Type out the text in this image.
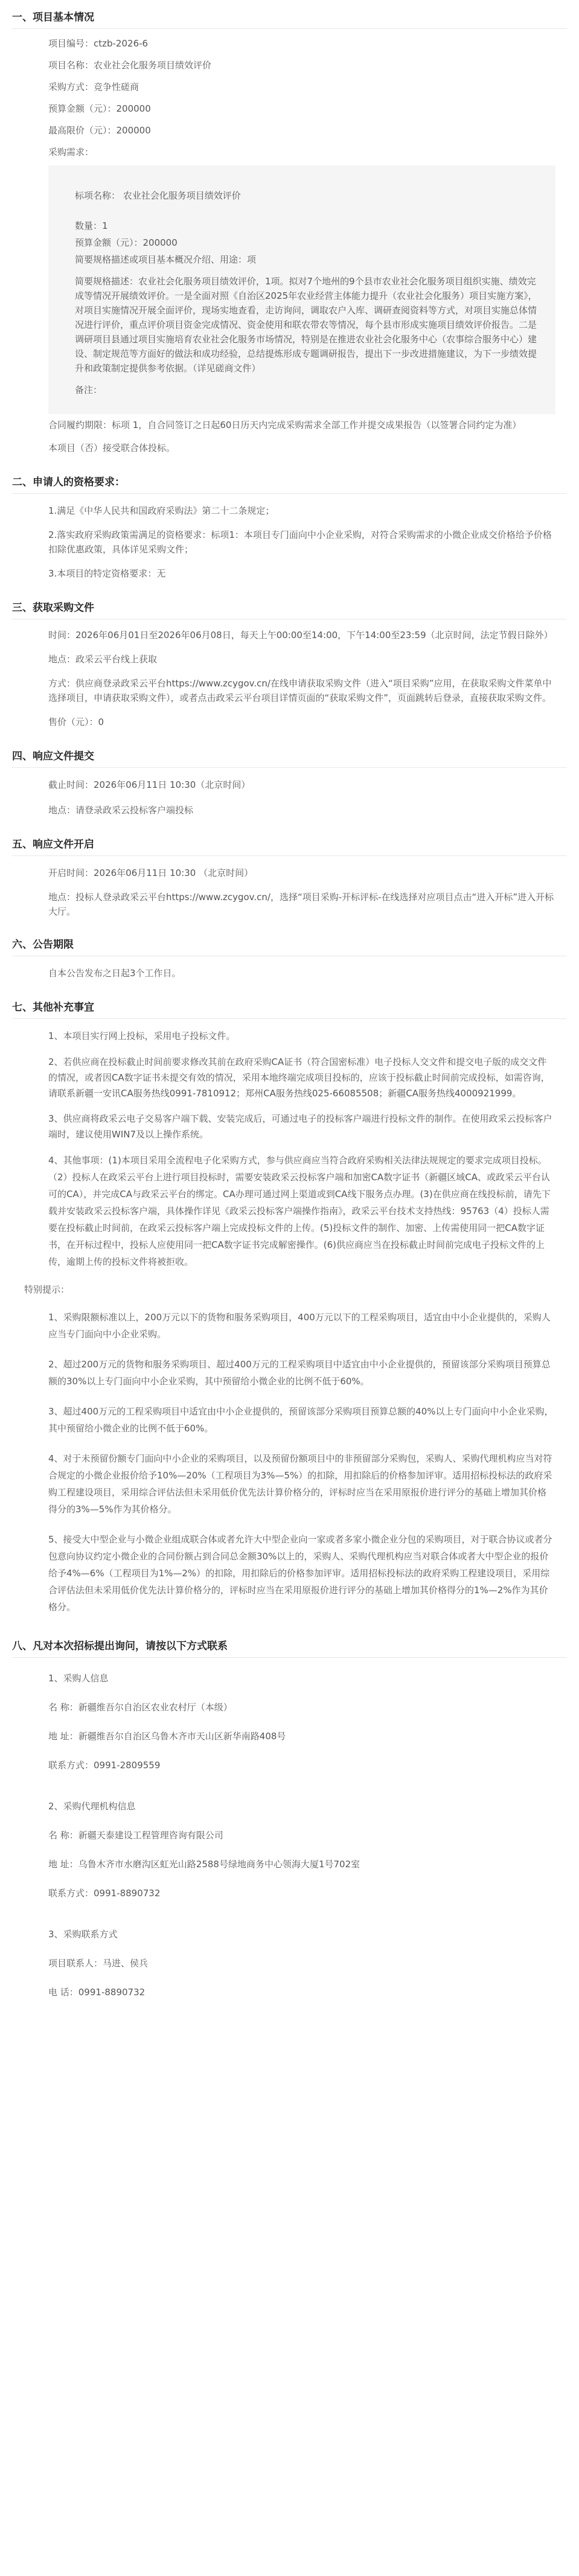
一、项目基本情况
项目编号：ctzb-2026-6
项目名称：农业社会化服务项目绩效评价
采购方式：竞争性磋商
预算金额（元）：200000
最高限价（元）：200000
采购需求：
标项名称： 农业社会化服务项目绩效评价
数量：1
预算金额（元）：200000
简要规格描述或项目基本概况介绍、用途：项
简要规格描述：农业社会化服务项目绩效评价，1项。拟对7个地州的9个县市农业社会化服务项目组织实施、绩效完成等情况开展绩效评价。一是全面对照《自治区2025年农业经营主体能力提升（农业社会化服务）项目实施方案》，对项目实施情况开展全面评价，现场实地查看，走访询问，调取农户入库、调研查阅资料等方式，对项目实施总体情况进行评价，重点评价项目资金完成情况、资金使用和联农带农等情况，每个县市形成实施项目绩效评价报告。二是调研项目县通过项目实施培育农业社会化服务市场情况，特别是在推进农业社会化服务中心（农事综合服务中心）建设、制定规范等方面好的做法和成功经验，总结提炼形成专题调研报告，提出下一步改进措施建议，为下一步绩效提升和政策制定提供参考依据。（详见磋商文件）
备注：
合同履约期限：标项 1，自合同签订之日起60日历天内完成采购需求全部工作并提交成果报告（以签署合同约定为准）
本项目（否）接受联合体投标。
二、申请人的资格要求：
1.满足《中华人民共和国政府采购法》第二十二条规定；
2.落实政府采购政策需满足的资格要求：标项1：本项目专门面向中小企业采购，对符合采购需求的小微企业成交价格给予价格扣除优惠政策，具体详见采购文件；
3.本项目的特定资格要求：无
三、获取采购文件
时间：2026年06月01日至2026年06月08日，每天上午00:00至14:00，下午14:00至23:59（北京时间，法定节假日除外）
地点：政采云平台线上获取
方式：供应商登录政采云平台https://www.zcygov.cn/在线申请获取采购文件（进入“项目采购”应用，在获取采购文件菜单中选择项目，申请获取采购文件），或者点击政采云平台项目详情页面的“获取采购文件”，页面跳转后登录，直接获取采购文件。
售价（元）：0
四、响应文件提交
截止时间：2026年06月11日 10:30（北京时间）
地点：请登录政采云投标客户端投标
五、响应文件开启
开启时间：2026年06月11日 10:30 （北京时间）
地点：投标人登录政采云平台https://www.zcygov.cn/，选择“项目采购-开标评标-在线选择对应项目点击“进入开标”进入开标大厅。
六、公告期限
自本公告发布之日起3个工作日。
七、其他补充事宜
1、本项目实行网上投标，采用电子投标文件。
2、若供应商在投标截止时间前要求修改其前在政府采购CA证书（符合国密标准）电子投标人交文件和提交电子版的成交文件的情况，或者因CA数字证书未提交有效的情况，采用本地终端完成项目投标的，应该于投标截止时间前完成投标，如需咨询，请联系新疆一安讯CA服务热线0991-7810912；郑州CA服务热线025-66085508；新疆CA服务热线4000921999。
3、供应商将政采云电子交易客户端下载、安装完成后，可通过电子的投标客户端进行投标文件的制作。在使用政采云投标客户端时，建议使用WIN7及以上操作系统。
4、其他事项：(1)本项目采用全流程电子化采购方式，参与供应商应当符合政府采购相关法律法规规定的要求完成项目投标。（2）投标人在政采云平台上进行项目投标时，需要安装政采云投标客户端和加密CA数字证书（新疆区域CA、或政采云平台认可的CA），并完成CA与政采云平台的绑定。CA办理可通过网上渠道或到CA线下服务点办理。(3)在供应商在线投标前，请先下载并安装政采云投标客户端，具体操作详见《政采云投标客户端操作指南》，政采云平台技术支持热线：95763（4）投标人需要在投标截止时间前，在政采云投标客户端上完成投标文件的上传。(5)投标文件的制作、加密、上传需使用同一把CA数字证书，在开标过程中，投标人应使用同一把CA数字证书完成解密操作。(6)供应商应当在投标截止时间前完成电子投标文件的上传，逾期上传的投标文件将被拒收。
特别提示：
1、采购限额标准以上，200万元以下的货物和服务采购项目，400万元以下的工程采购项目，适宜由中小企业提供的，采购人应当专门面向中小企业采购。
2、超过200万元的货物和服务采购项目、超过400万元的工程采购项目中适宜由中小企业提供的，预留该部分采购项目预算总额的30%以上专门面向中小企业采购，其中预留给小微企业的比例不低于60%。
3、超过400万元的工程采购项目中适宜由中小企业提供的，预留该部分采购项目预算总额的40%以上专门面向中小企业采购，其中预留给小微企业的比例不低于60%。
4、对于未预留份额专门面向中小企业的采购项目，以及预留份额项目中的非预留部分采购包，采购人、采购代理机构应当对符合规定的小微企业报价给予10%—20%（工程项目为3%—5%）的扣除，用扣除后的价格参加评审。适用招标投标法的政府采购工程建设项目，采用综合评估法但未采用低价优先法计算价格分的，评标时应当在采用原报价进行评分的基础上增加其价格得分的3%—5%作为其价格分。
5、接受大中型企业与小微企业组成联合体或者允许大中型企业向一家或者多家小微企业分包的采购项目，对于联合协议或者分包意向协议约定小微企业的合同份额占到合同总金额30%以上的，采购人、采购代理机构应当对联合体或者大中型企业的报价给予4%—6%（工程项目为1%—2%）的扣除，用扣除后的价格参加评审。适用招标投标法的政府采购工程建设项目，采用综合评估法但未采用低价优先法计算价格分的，评标时应当在采用原报价进行评分的基础上增加其价格得分的1%—2%作为其价格分。
八、凡对本次招标提出询问，请按以下方式联系
1、采购人信息
名 称：新疆维吾尔自治区农业农村厅（本级）
地 址：新疆维吾尔自治区乌鲁木齐市天山区新华南路408号
联系方式：0991-2809559
2、采购代理机构信息
名 称：新疆天泰建设工程管理咨询有限公司
地 址：乌鲁木齐市水磨沟区虹光山路2588号绿地商务中心领海大厦1号702室
联系方式：0991-8890732
3、采购联系方式
项目联系人：马进、侯兵
电 话：0991-8890732
